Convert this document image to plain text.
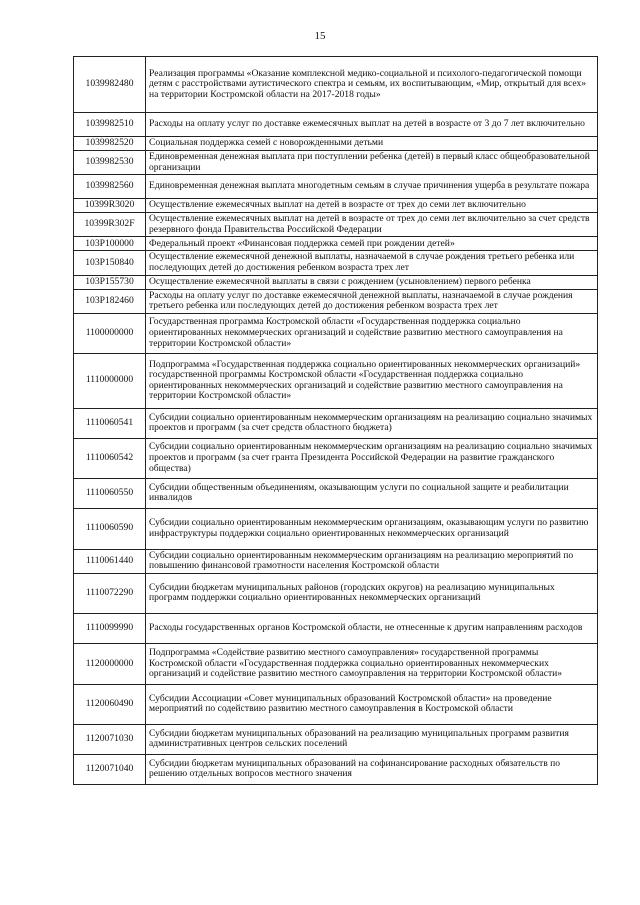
15
1039982480	Реализация программы «Оказание комплексной медико-социальной и психолого-педагогической помощи детям с расстройствами аутистического спектра и семьям, их воспитывающим, «Мир, открытый для всех» на территории Костромской области на 2017-2018 годы»
1039982510	Расходы на оплату услуг по доставке ежемесячных выплат на детей в возрасте от 3 до 7 лет включительно
1039982520	Социальная поддержка семей с новорожденными детьми
1039982530	Единовременная денежная выплата при поступлении ребенка (детей) в первый класс общеобразовательной организации
1039982560	Единовременная денежная выплата многодетным семьям в случае причинения ущерба в результате пожара
10399R3020	Осуществление ежемесячных выплат на детей в возрасте от трех до семи лет включительно
10399R302F	Осуществление ежемесячных выплат на детей в возрасте от трех до семи лет включительно за счет средств резервного фонда Правительства Российской Федерации
103P100000	Федеральный проект «Финансовая поддержка семей при рождении детей»
103P150840	Осуществление ежемесячной денежной выплаты, назначаемой в случае рождения третьего ребенка или последующих детей до достижения ребенком возраста трех лет
103P155730	Осуществление ежемесячной выплаты в связи с рождением (усыновлением) первого ребенка
103P182460	Расходы на оплату услуг по доставке ежемесячной денежной выплаты, назначаемой в случае рождения третьего ребенка или последующих детей до достижения ребенком возраста трех лет
1100000000	Государственная программа Костромской области «Государственная поддержка социально ориентированных некоммерческих организаций и содействие развитию местного самоуправления на территории Костромской области»
1110000000	Подпрограмма «Государственная поддержка социально ориентированных некоммерческих организаций» государственной программы Костромской области «Государственная поддержка социально ориентированных некоммерческих организаций и содействие развитию местного самоуправления на территории Костромской области»
1110060541	Субсидии социально ориентированным некоммерческим организациям на реализацию социально значимых проектов и программ (за счет средств областного бюджета)
1110060542	Субсидии социально ориентированным некоммерческим организациям на реализацию социально значимых проектов и программ (за счет гранта Президента Российской Федерации на развитие гражданского общества)
1110060550	Субсидии общественным объединениям, оказывающим услуги по социальной защите и реабилитации инвалидов
1110060590	Субсидии социально ориентированным некоммерческим организациям, оказывающим услуги по развитию инфраструктуры поддержки социально ориентированных некоммерческих организаций
1110061440	Субсидии социально ориентированным некоммерческим организациям на реализацию мероприятий по повышению финансовой грамотности населения Костромской области
1110072290	Субсидии бюджетам муниципальных районов (городских округов) на реализацию муниципальных программ поддержки социально ориентированных некоммерческих организаций
1110099990	Расходы государственных органов Костромской области, не отнесенные к другим направлениям расходов
1120000000	Подпрограмма «Содействие развитию местного самоуправления» государственной программы Костромской области «Государственная поддержка социально ориентированных некоммерческих организаций и содействие развитию местного самоуправления на территории Костромской области»
1120060490	Субсидии Ассоциации «Совет муниципальных образований Костромской области» на проведение мероприятий по содействию развитию местного самоуправления в Костромской области
1120071030	Субсидии бюджетам муниципальных образований на реализацию муниципальных программ развития административных центров сельских поселений
1120071040	Субсидии бюджетам муниципальных образований на софинансирование расходных обязательств по решению отдельных вопросов местного значения
